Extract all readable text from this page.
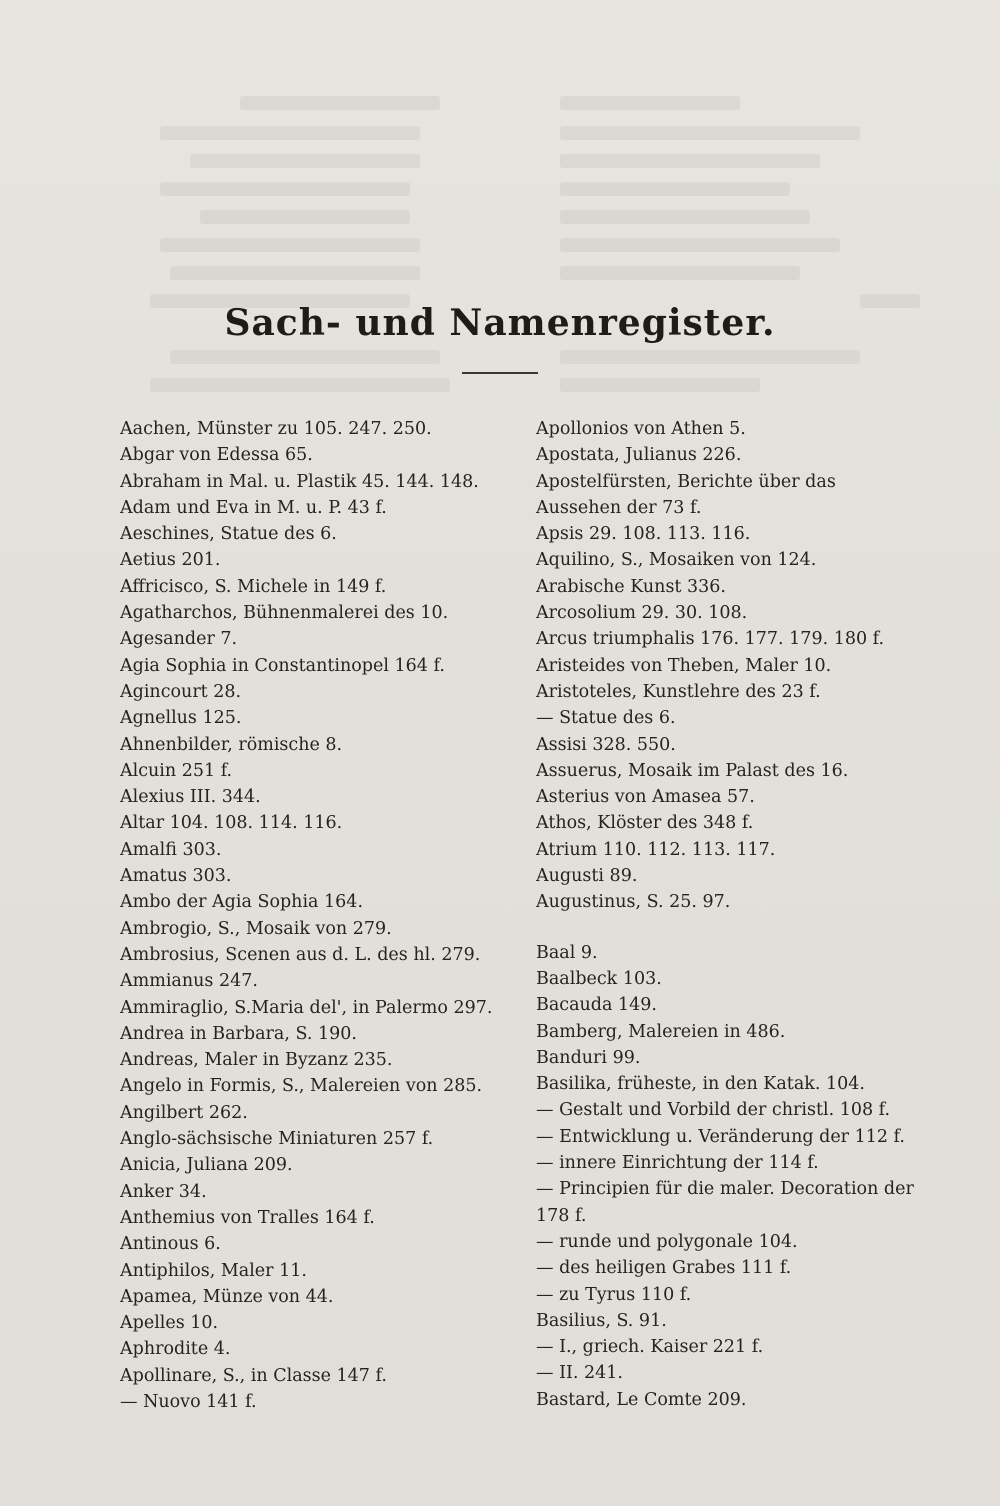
Sach- und Namenregister.
Aachen, Münster zu 105. 247. 250.
Abgar von Edessa 65.
Abraham in Mal. u. Plastik 45. 144. 148.
Adam und Eva in M. u. P. 43 f.
Aeschines, Statue des 6.
Aetius 201.
Affricisco, S. Michele in 149 f.
Agatharchos, Bühnenmalerei des 10.
Agesander 7.
Agia Sophia in Constantinopel 164 f.
Agincourt 28.
Agnellus 125.
Ahnenbilder, römische 8.
Alcuin 251 f.
Alexius III. 344.
Altar 104. 108. 114. 116.
Amalfi 303.
Amatus 303.
Ambo der Agia Sophia 164.
Ambrogio, S., Mosaik von 279.
Ambrosius, Scenen aus d. L. des hl. 279.
Ammianus 247.
Ammiraglio, S.Maria del', in Palermo 297.
Andrea in Barbara, S. 190.
Andreas, Maler in Byzanz 235.
Angelo in Formis, S., Malereien von 285.
Angilbert 262.
Anglo-sächsische Miniaturen 257 f.
Anicia, Juliana 209.
Anker 34.
Anthemius von Tralles 164 f.
Antinous 6.
Antiphilos, Maler 11.
Apamea, Münze von 44.
Apelles 10.
Aphrodite 4.
Apollinare, S., in Classe 147 f.
— Nuovo 141 f.
Apollonios von Athen 5.
Apostata, Julianus 226.
Apostelfürsten, Berichte über das Aussehen der 73 f.
Apsis 29. 108. 113. 116.
Aquilino, S., Mosaiken von 124.
Arabische Kunst 336.
Arcosolium 29. 30. 108.
Arcus triumphalis 176. 177. 179. 180 f.
Aristeides von Theben, Maler 10.
Aristoteles, Kunstlehre des 23 f.
— Statue des 6.
Assisi 328. 550.
Assuerus, Mosaik im Palast des 16.
Asterius von Amasea 57.
Athos, Klöster des 348 f.
Atrium 110. 112. 113. 117.
Augusti 89.
Augustinus, S. 25. 97.
Baal 9.
Baalbeck 103.
Bacauda 149.
Bamberg, Malereien in 486.
Banduri 99.
Basilika, früheste, in den Katak. 104.
— Gestalt und Vorbild der christl. 108 f.
— Entwicklung u. Veränderung der 112 f.
— innere Einrichtung der 114 f.
— Principien für die maler. Decoration der 178 f.
— runde und polygonale 104.
— des heiligen Grabes 111 f.
— zu Tyrus 110 f.
Basilius, S. 91.
— I., griech. Kaiser 221 f.
— II. 241.
Bastard, Le Comte 209.
